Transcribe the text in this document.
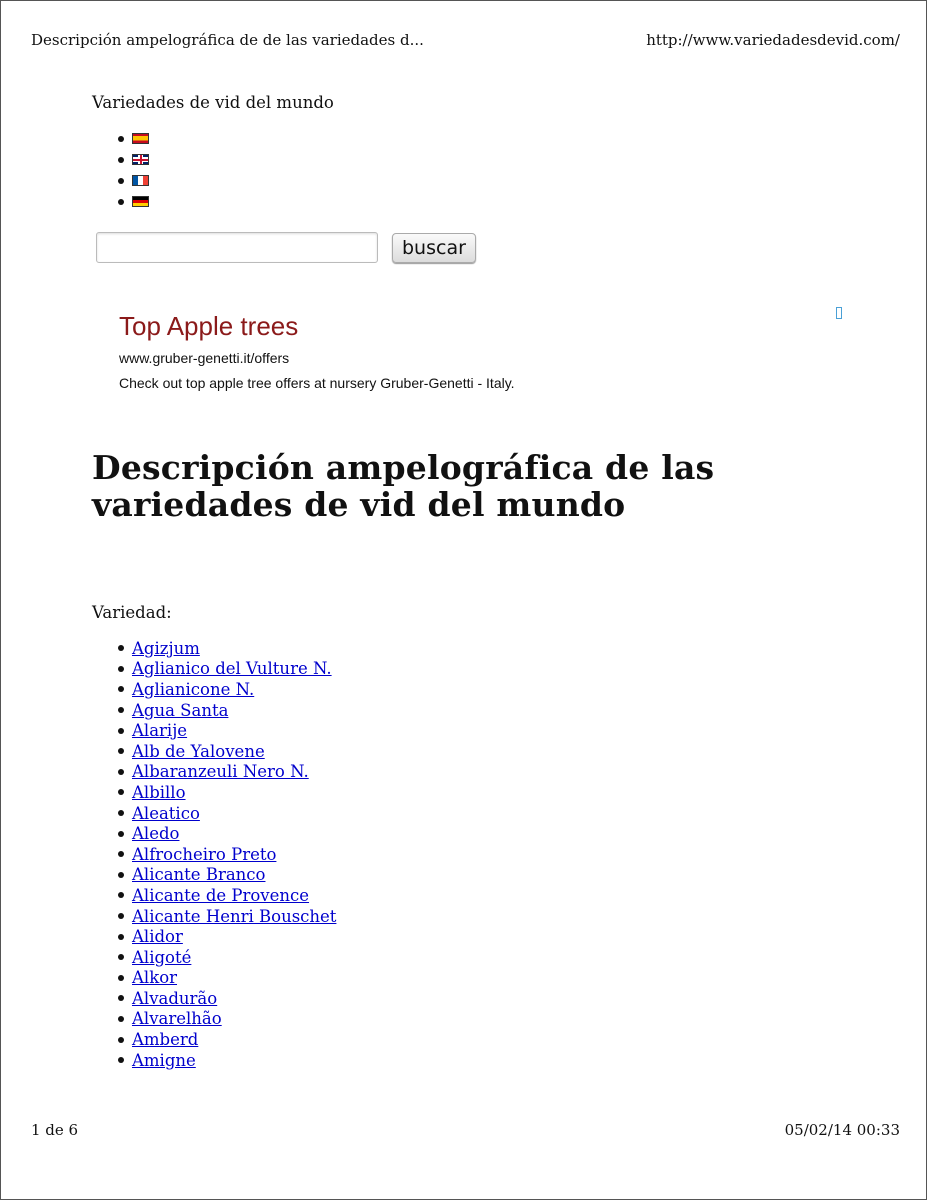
Descripción ampelográfica de de las variedades d...	http://www.variedadesdevid.com/

Variedades de vid del mundo

buscar

Top Apple trees

www.gruber-genetti.it/offers
Check out top apple tree offers at nursery Gruber-Genetti - Italy.
Descripción ampelográfica de las variedades de vid del mundo
Variedad:
Agizjum
Aglianico del Vulture N.
Aglianicone N.
Agua Santa
Alarije
Alb de Yalovene
Albaranzeuli Nero N.
Albillo
Aleatico
Aledo
Alfrocheiro Preto
Alicante Branco
Alicante de Provence
Alicante Henri Bouschet
Alidor
Aligoté
Alkor
Alvadurão
Alvarelhão
Amberd
Amigne
1 de 6	05/02/14 00:33
